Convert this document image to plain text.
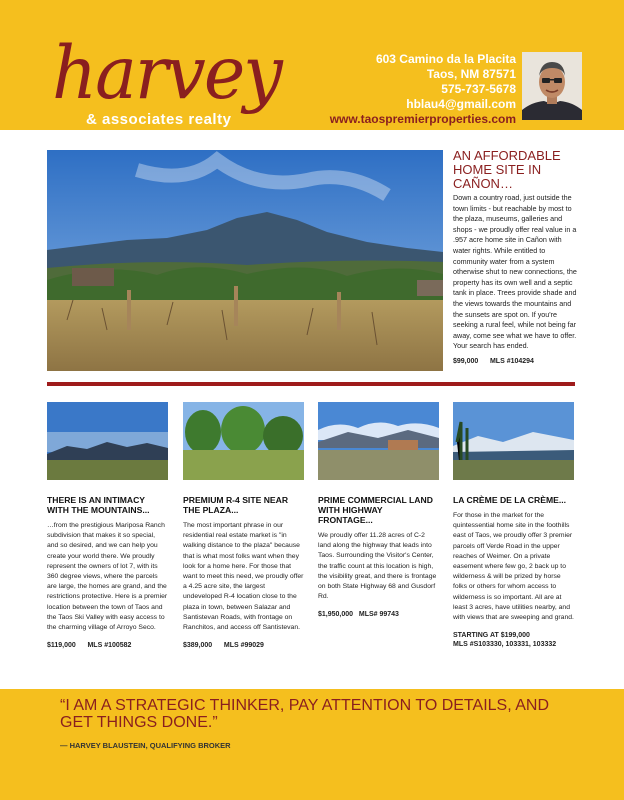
harvey
& associates realty
603 Camino da la Placita
Taos, NM 87571
575-737-5678
hblau4@gmail.com
www.taospremierproperties.com
AN AFFORDABLE HOME SITE IN CAÑON…
Down a country road, just outside the town limits - but reachable by most to the plaza, museums, galleries and shops - we proudly offer real value in a .957 acre home site in Cañon with water rights. While entitled to community water from a system otherwise shut to new connections, the property has its own well and a septic tank in place. Trees provide shade and the views towards the mountains and the sunsets are spot on. If you're seeking a rural feel, while not being far away, come see what we have to offer. Your search has ended.
$99,000      MLS #104294
THERE IS AN INTIMACY WITH THE MOUNTAINS...

…from the prestigious Mariposa Ranch subdivision that makes it so special, and so desired, and we can help you create your world there. We proudly represent the owners of lot 7, with its 360 degree views, where the parcels are large, the homes are grand, and the restrictions protective. Here is a premier location between the town of Taos and the Taos Ski Valley with easy access to the charming village of Arroyo Seco.

$119,000      MLS #100582
PREMIUM R-4 SITE NEAR THE PLAZA...

The most important phrase in our residential real estate market is "in walking distance to the plaza" because that is what most folks want when they look for a home here. For those that want to meet this need, we proudly offer a 4.25 acre site, the largest undeveloped R-4 location close to the plaza in town, between Salazar and Santistevan Roads, with frontage on Ranchitos, and access off Santistevan.

$389,000      MLS #99029
PRIME COMMERCIAL LAND WITH HIGHWAY FRONTAGE...

We proudly offer 11.28 acres of C-2 land along the highway that leads into Taos. Surrounding the Visitor's Center, the traffic count at this location is high, the visibility great, and there is frontage on both State Highway 68 and Gusdorf Rd.

$1,950,000   MLS# 99743
LA CRÈME DE LA CRÈME...

For those in the market for the quintessential home site in the foothills east of Taos, we proudly offer 3 premier parcels off Verde Road in the upper reaches of Weimer. On a private easement where few go, 2 back up to wilderness & will be prized by horse folks or others for whom access to wilderness is so important. All are at least 3 acres, have utilities nearby, and with views that are sweeping and grand.

STARTING AT $199,000
MLS #S103330, 103331, 103332
“I AM A STRATEGIC THINKER, PAY ATTENTION TO DETAILS, AND GET THINGS DONE.”
— HARVEY BLAUSTEIN, QUALIFYING BROKER
